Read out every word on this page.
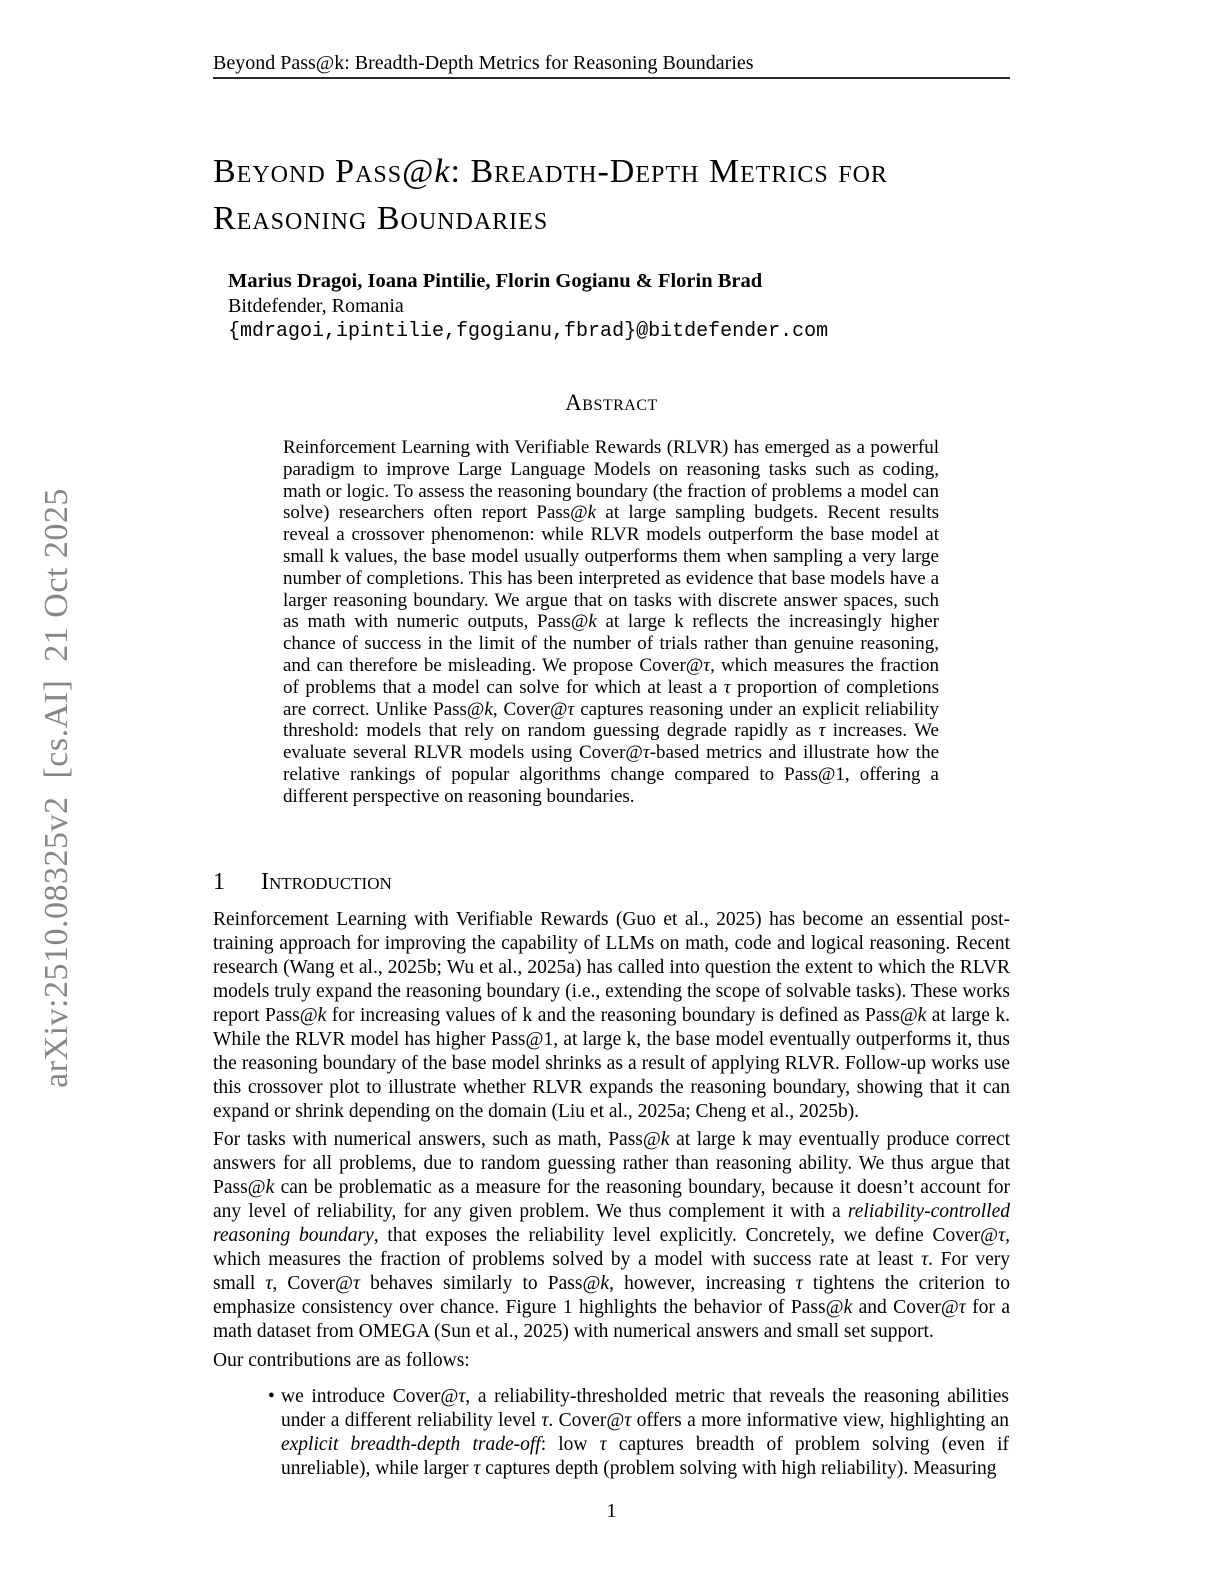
arXiv:2510.08325v2  [cs.AI]  21 Oct 2025
Beyond Pass@k: Breadth-Depth Metrics for Reasoning Boundaries
Beyond Pass@k: Breadth-Depth Metrics for Reasoning Boundaries
Marius Dragoi, Ioana Pintilie, Florin Gogianu & Florin Brad
Bitdefender, Romania
{mdragoi,ipintilie,fgogianu,fbrad}@bitdefender.com
Abstract
Reinforcement Learning with Verifiable Rewards (RLVR) has emerged as a powerful paradigm to improve Large Language Models on reasoning tasks such as coding, math or logic. To assess the reasoning boundary (the fraction of problems a model can solve) researchers often report Pass@k at large sampling budgets. Recent results reveal a crossover phenomenon: while RLVR models outperform the base model at small k values, the base model usually outperforms them when sampling a very large number of completions. This has been interpreted as evidence that base models have a larger reasoning boundary. We argue that on tasks with discrete answer spaces, such as math with numeric outputs, Pass@k at large k reflects the increasingly higher chance of success in the limit of the number of trials rather than genuine reasoning, and can therefore be misleading. We propose Cover@τ, which measures the fraction of problems that a model can solve for which at least a τ proportion of completions are correct. Unlike Pass@k, Cover@τ captures reasoning under an explicit reliability threshold: models that rely on random guessing degrade rapidly as τ increases. We evaluate several RLVR models using Cover@τ-based metrics and illustrate how the relative rankings of popular algorithms change compared to Pass@1, offering a different perspective on reasoning boundaries.
1 Introduction

Reinforcement Learning with Verifiable Rewards (Guo et al., 2025) has become an essential post-training approach for improving the capability of LLMs on math, code and logical reasoning. Recent research (Wang et al., 2025b; Wu et al., 2025a) has called into question the extent to which the RLVR models truly expand the reasoning boundary (i.e., extending the scope of solvable tasks). These works report Pass@k for increasing values of k and the reasoning boundary is defined as Pass@k at large k. While the RLVR model has higher Pass@1, at large k, the base model eventually outperforms it, thus the reasoning boundary of the base model shrinks as a result of applying RLVR. Follow-up works use this crossover plot to illustrate whether RLVR expands the reasoning boundary, showing that it can expand or shrink depending on the domain (Liu et al., 2025a; Cheng et al., 2025b).

For tasks with numerical answers, such as math, Pass@k at large k may eventually produce correct answers for all problems, due to random guessing rather than reasoning ability. We thus argue that Pass@k can be problematic as a measure for the reasoning boundary, because it doesn’t account for any level of reliability, for any given problem. We thus complement it with a reliability-controlled reasoning boundary, that exposes the reliability level explicitly. Concretely, we define Cover@τ, which measures the fraction of problems solved by a model with success rate at least τ. For very small τ, Cover@τ behaves similarly to Pass@k, however, increasing τ tightens the criterion to emphasize consistency over chance. Figure 1 highlights the behavior of Pass@k and Cover@τ for a math dataset from OMEGA (Sun et al., 2025) with numerical answers and small set support.

Our contributions are as follows:

• we introduce Cover@τ, a reliability-thresholded metric that reveals the reasoning abilities under a different reliability level τ. Cover@τ offers a more informative view, highlighting an explicit breadth-depth trade-off: low τ captures breadth of problem solving (even if unreliable), while larger τ captures depth (problem solving with high reliability). Measuring
1
